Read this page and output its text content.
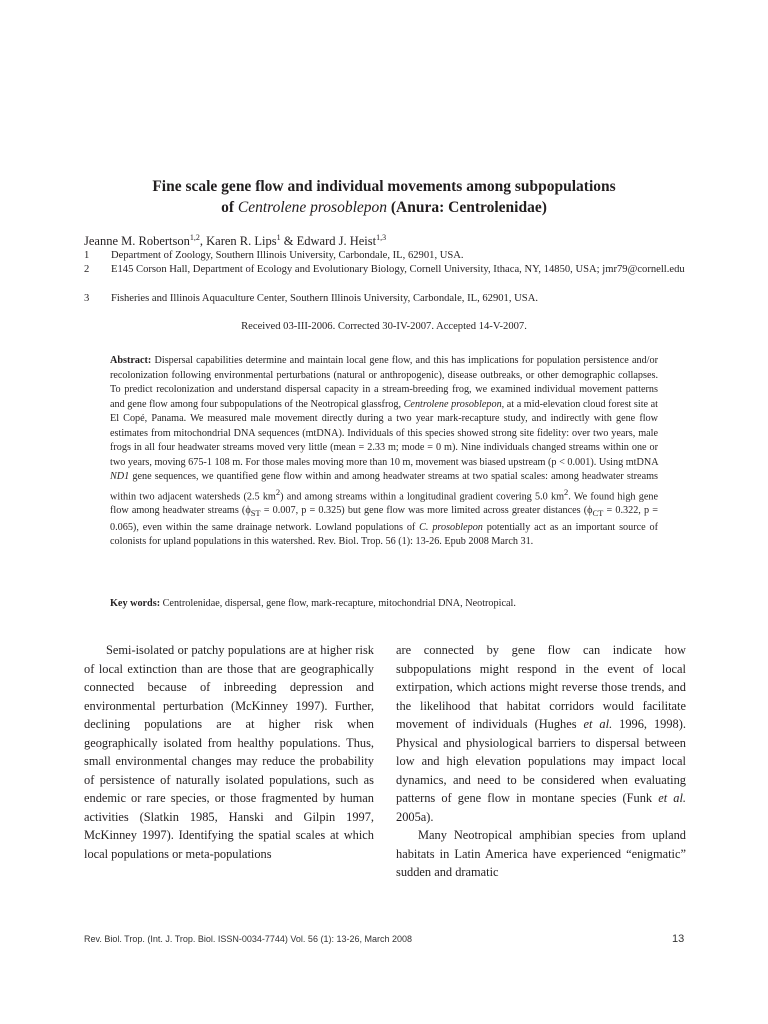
Fine scale gene flow and individual movements among subpopulations
of Centrolene prosoblepon (Anura: Centrolenidae)
Jeanne M. Robertson$^{1,2}$, Karen R. Lips$^1$ & Edward J. Heist$^{1,3}$
1 Department of Zoology, Southern Illinois University, Carbondale, IL, 62901, USA.
2 E145 Corson Hall, Department of Ecology and Evolutionary Biology, Cornell University, Ithaca, NY, 14850, USA; jmr79@cornell.edu
3 Fisheries and Illinois Aquaculture Center, Southern Illinois University, Carbondale, IL, 62901, USA.
Received 03-III-2006. Corrected 30-IV-2007. Accepted 14-V-2007.
Abstract: Dispersal capabilities determine and maintain local gene flow, and this has implications for population persistence and/or recolonization following environmental perturbations (natural or anthropogenic), disease outbreaks, or other demographic collapses. To predict recolonization and understand dispersal capacity in a stream-breeding frog, we examined individual movement patterns and gene flow among four subpopulations of the Neotropical glassfrog, Centrolene prosoblepon, at a mid-elevation cloud forest site at El Copé, Panama. We measured male movement directly during a two year mark-recapture study, and indirectly with gene flow estimates from mitochondrial DNA sequences (mtDNA). Individuals of this species showed strong site fidelity: over two years, male frogs in all four headwater streams moved very little (mean = 2.33 m; mode = 0 m). Nine individuals changed streams within one or two years, moving 675-1 108 m. For those males moving more than 10 m, movement was biased upstream (p < 0.001). Using mtDNA ND1 gene sequences, we quantified gene flow within and among headwater streams at two spatial scales: among headwater streams within two adjacent watersheds (2.5 $km^2$) and among streams within a longitudinal gradient covering 5.0 $km^2$. We found high gene flow among headwater streams ($\phi_{ST} = 0.007$, p = 0.325) but gene flow was more limited across greater distances ($\phi_{CT} = 0.322$, p = 0.065), even within the same drainage network. Lowland populations of C. prosoblepon potentially act as an important source of colonists for upland populations in this watershed. Rev. Biol. Trop. 56 (1): 13-26. Epub 2008 March 31.
Key words: Centrolenidae, dispersal, gene flow, mark-recapture, mitochondrial DNA, Neotropical.

Semi-isolated or patchy populations are at higher risk of local extinction than are those that are geographically connected because of inbreeding depression and environmental perturbation (McKinney 1997). Further, declining populations are at higher risk when geographically isolated from healthy populations. Thus, small environmental changes may reduce the probability of persistence of naturally isolated populations, such as endemic or rare species, or those fragmented by human activities (Slatkin 1985, Hanski and Gilpin 1997, McKinney 1997). Identifying the spatial scales at which local populations or meta-populations

are connected by gene flow can indicate how subpopulations might respond in the event of local extirpation, which actions might reverse those trends, and the likelihood that habitat corridors would facilitate movement of individuals (Hughes et al. 1996, 1998). Physical and physiological barriers to dispersal between low and high elevation populations may impact local dynamics, and need to be considered when evaluating patterns of gene flow in montane species (Funk et al. 2005a).

Many Neotropical amphibian species from upland habitats in Latin America have experienced “enigmatic” sudden and dramatic

Rev. Biol. Trop. (Int. J. Trop. Biol. ISSN-0034-7744) Vol. 56 (1): 13-26, March 2008	13
